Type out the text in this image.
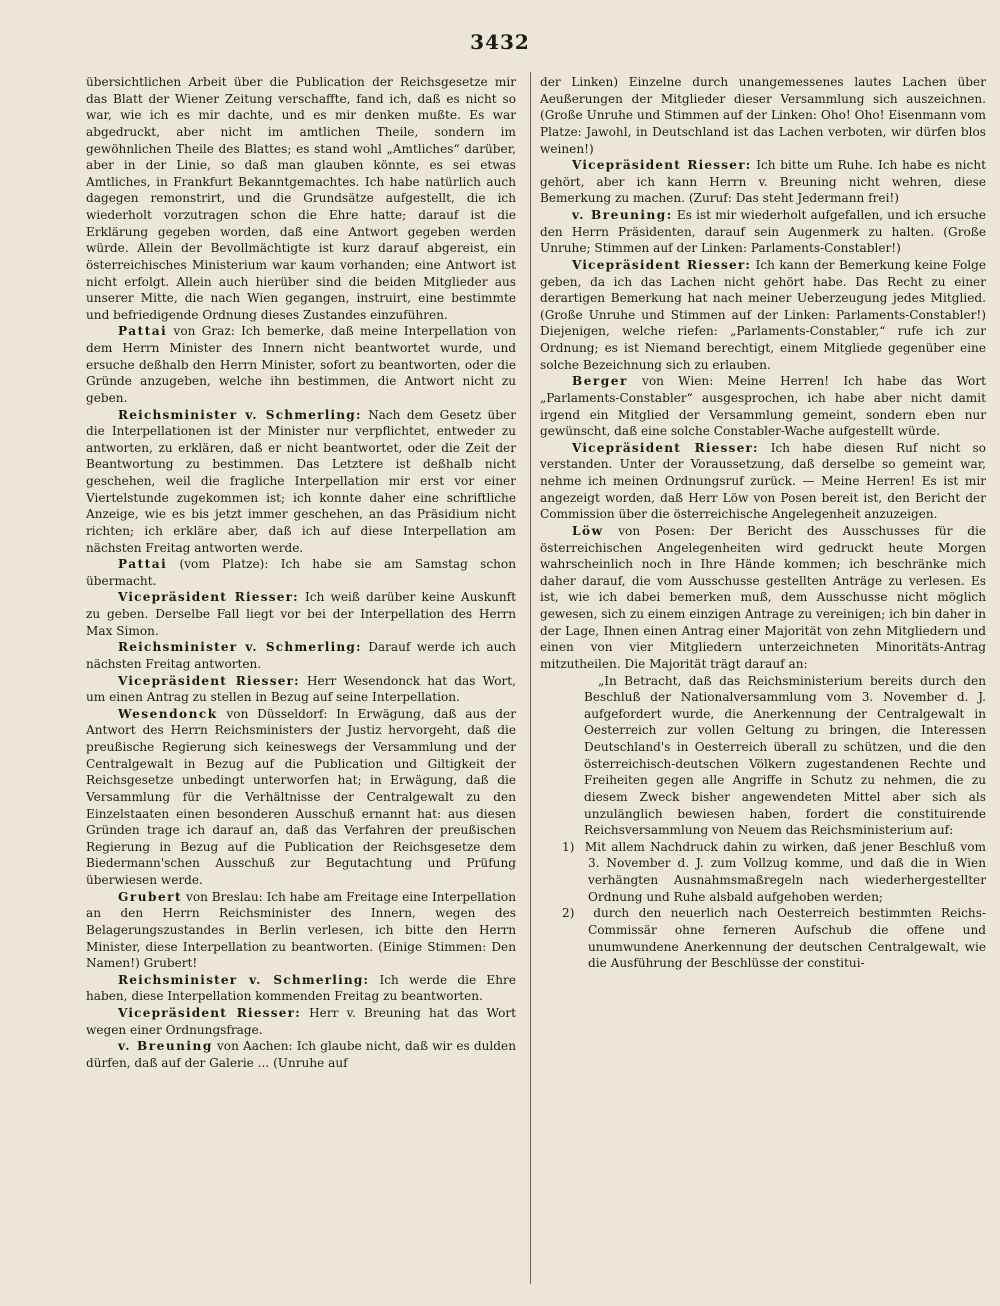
3432

übersichtlichen Arbeit über die Publication der Reichsgesetze mir das Blatt der Wiener Zeitung verschaffte, fand ich, daß es nicht so war, wie ich es mir dachte, und es mir denken mußte. Es war abgedruckt, aber nicht im amtlichen Theile, sondern im gewöhnlichen Theile des Blattes; es stand wohl „Amtliches“ darüber, aber in der Linie, so daß man glauben könnte, es sei etwas Amtliches, in Frankfurt Bekanntgemachtes. Ich habe natürlich auch dagegen remonstrirt, und die Grundsätze aufgestellt, die ich wiederholt vorzutragen schon die Ehre hatte; darauf ist die Erklärung gegeben worden, daß eine Antwort gegeben werden würde. Allein der Bevollmächtigte ist kurz darauf abgereist, ein österreichisches Ministerium war kaum vorhanden; eine Antwort ist nicht erfolgt. Allein auch hierüber sind die beiden Mitglieder aus unserer Mitte, die nach Wien gegangen, instruirt, eine bestimmte und befriedigende Ordnung dieses Zustandes einzuführen.

Pattai von Graz: Ich bemerke, daß meine Interpellation von dem Herrn Minister des Innern nicht beantwortet wurde, und ersuche deßhalb den Herrn Minister, sofort zu beantworten, oder die Gründe anzugeben, welche ihn bestimmen, die Antwort nicht zu geben.

Reichsminister v. Schmerling: Nach dem Gesetz über die Interpellationen ist der Minister nur verpflichtet, entweder zu antworten, zu erklären, daß er nicht beantwortet, oder die Zeit der Beantwortung zu bestimmen. Das Letztere ist deßhalb nicht geschehen, weil die fragliche Interpellation mir erst vor einer Viertelstunde zugekommen ist; ich konnte daher eine schriftliche Anzeige, wie es bis jetzt immer geschehen, an das Präsidium nicht richten; ich erkläre aber, daß ich auf diese Interpellation am nächsten Freitag antworten werde.

Pattai (vom Platze): Ich habe sie am Samstag schon übermacht.

Vicepräsident Riesser: Ich weiß darüber keine Auskunft zu geben. Derselbe Fall liegt vor bei der Interpellation des Herrn Max Simon.

Reichsminister v. Schmerling: Darauf werde ich auch nächsten Freitag antworten.

Vicepräsident Riesser: Herr Wesendonck hat das Wort, um einen Antrag zu stellen in Bezug auf seine Interpellation.

Wesendonck von Düsseldorf: In Erwägung, daß aus der Antwort des Herrn Reichsministers der Justiz hervorgeht, daß die preußische Regierung sich keineswegs der Versammlung und der Centralgewalt in Bezug auf die Publication und Giltigkeit der Reichsgesetze unbedingt unterworfen hat; in Erwägung, daß die Versammlung für die Verhältnisse der Centralgewalt zu den Einzelstaaten einen besonderen Ausschuß ernannt hat: aus diesen Gründen trage ich darauf an, daß das Verfahren der preußischen Regierung in Bezug auf die Publication der Reichsgesetze dem Biedermann'schen Ausschuß zur Begutachtung und Prüfung überwiesen werde.

Grubert von Breslau: Ich habe am Freitage eine Interpellation an den Herrn Reichsminister des Innern, wegen des Belagerungszustandes in Berlin verlesen, ich bitte den Herrn Minister, diese Interpellation zu beantworten. (Einige Stimmen: Den Namen!) Grubert!

Reichsminister v. Schmerling: Ich werde die Ehre haben, diese Interpellation kommenden Freitag zu beantworten.

Vicepräsident Riesser: Herr v. Breuning hat das Wort wegen einer Ordnungsfrage.

v. Breuning von Aachen: Ich glaube nicht, daß wir es dulden dürfen, daß auf der Galerie ... (Unruhe auf

der Linken) Einzelne durch unangemessenes lautes Lachen über Aeußerungen der Mitglieder dieser Versammlung sich auszeichnen. (Große Unruhe und Stimmen auf der Linken: Oho! Oho! Eisenmann vom Platze: Jawohl, in Deutschland ist das Lachen verboten, wir dürfen blos weinen!)

Vicepräsident Riesser: Ich bitte um Ruhe. Ich habe es nicht gehört, aber ich kann Herrn v. Breuning nicht wehren, diese Bemerkung zu machen. (Zuruf: Das steht Jedermann frei!)

v. Breuning: Es ist mir wiederholt aufgefallen, und ich ersuche den Herrn Präsidenten, darauf sein Augenmerk zu halten. (Große Unruhe; Stimmen auf der Linken: Parlaments-Constabler!)

Vicepräsident Riesser: Ich kann der Bemerkung keine Folge geben, da ich das Lachen nicht gehört habe. Das Recht zu einer derartigen Bemerkung hat nach meiner Ueberzeugung jedes Mitglied. (Große Unruhe und Stimmen auf der Linken: Parlaments-Constabler!) Diejenigen, welche riefen: „Parlaments-Constabler,“ rufe ich zur Ordnung; es ist Niemand berechtigt, einem Mitgliede gegenüber eine solche Bezeichnung sich zu erlauben.

Berger von Wien: Meine Herren! Ich habe das Wort „Parlaments-Constabler“ ausgesprochen, ich habe aber nicht damit irgend ein Mitglied der Versammlung gemeint, sondern eben nur gewünscht, daß eine solche Constabler-Wache aufgestellt würde.

Vicepräsident Riesser: Ich habe diesen Ruf nicht so verstanden. Unter der Voraussetzung, daß derselbe so gemeint war, nehme ich meinen Ordnungsruf zurück. — Meine Herren! Es ist mir angezeigt worden, daß Herr Löw von Posen bereit ist, den Bericht der Commission über die österreichische Angelegenheit anzuzeigen.

Löw von Posen: Der Bericht des Ausschusses für die österreichischen Angelegenheiten wird gedruckt heute Morgen wahrscheinlich noch in Ihre Hände kommen; ich beschränke mich daher darauf, die vom Ausschusse gestellten Anträge zu verlesen. Es ist, wie ich dabei bemerken muß, dem Ausschusse nicht möglich gewesen, sich zu einem einzigen Antrage zu vereinigen; ich bin daher in der Lage, Ihnen einen Antrag einer Majorität von zehn Mitgliedern und einen von vier Mitgliedern unterzeichneten Minoritäts-Antrag mitzutheilen. Die Majorität trägt darauf an:

„In Betracht, daß das Reichsministerium bereits durch den Beschluß der Nationalversammlung vom 3. November d. J. aufgefordert wurde, die Anerkennung der Centralgewalt in Oesterreich zur vollen Geltung zu bringen, die Interessen Deutschland's in Oesterreich überall zu schützen, und die den österreichisch-deutschen Völkern zugestandenen Rechte und Freiheiten gegen alle Angriffe in Schutz zu nehmen, die zu diesem Zweck bisher angewendeten Mittel aber sich als unzulänglich bewiesen haben, fordert die constituirende Reichsversammlung von Neuem das Reichsministerium auf:

1) Mit allem Nachdruck dahin zu wirken, daß jener Beschluß vom 3. November d. J. zum Vollzug komme, und daß die in Wien verhängten Ausnahmsmaßregeln nach wiederhergestellter Ordnung und Ruhe alsbald aufgehoben werden;

2) durch den neuerlich nach Oesterreich bestimmten Reichs-Commissär ohne ferneren Aufschub die offene und unumwundene Anerkennung der deutschen Centralgewalt, wie die Ausführung der Beschlüsse der constitui-
